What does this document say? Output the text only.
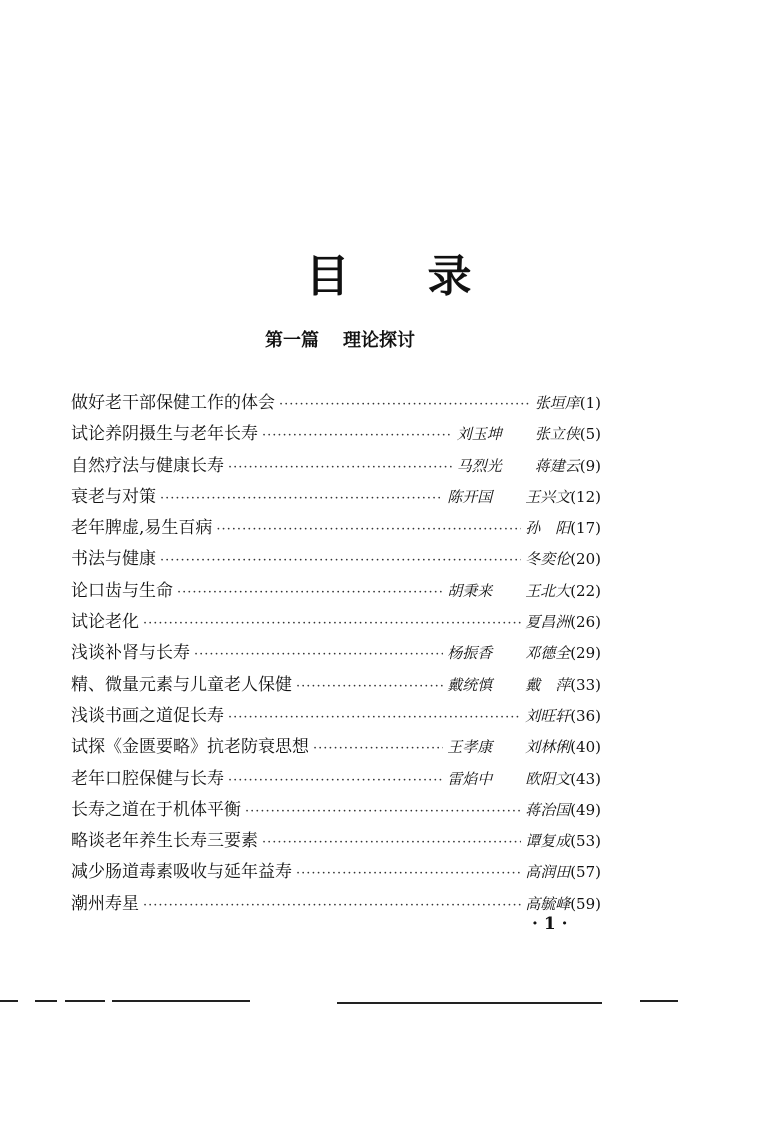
目 录
第一篇 理论探讨
做好老干部保健工作的体会 ·····	张垣庠 (1)
试论养阴摄生与老年长寿 ·····	刘玉坤	张立侠 (5)
自然疗法与健康长寿 ·····	马烈光	蒋建云 (9)
衰老与对策 ·····	陈开国	王兴文 (12)
老年脾虚,易生百病 ·····	孙　阳 (17)
书法与健康 ·····	冬奕伦 (20)
论口齿与生命 ·····	胡秉来	王北大 (22)
试论老化 ·····	夏昌洲 (26)
浅谈补肾与长寿 ·····	杨振香	邓德全 (29)
精、微量元素与儿童老人保健 ·····	戴统慎	戴　萍 (33)
浅谈书画之道促长寿 ·····	刘旺轩 (36)
试探《金匮要略》抗老防衰思想 ·····	王孝康	刘林俐 (40)
老年口腔保健与长寿 ·····	雷焰中	欧阳文 (43)
长寿之道在于机体平衡 ·····	蒋治国 (49)
略谈老年养生长寿三要素 ·····	谭复成 (53)
减少肠道毒素吸收与延年益寿 ·····	高润田 (57)
潮州寿星 ·····	高毓峰 (59)
· 1 ·
